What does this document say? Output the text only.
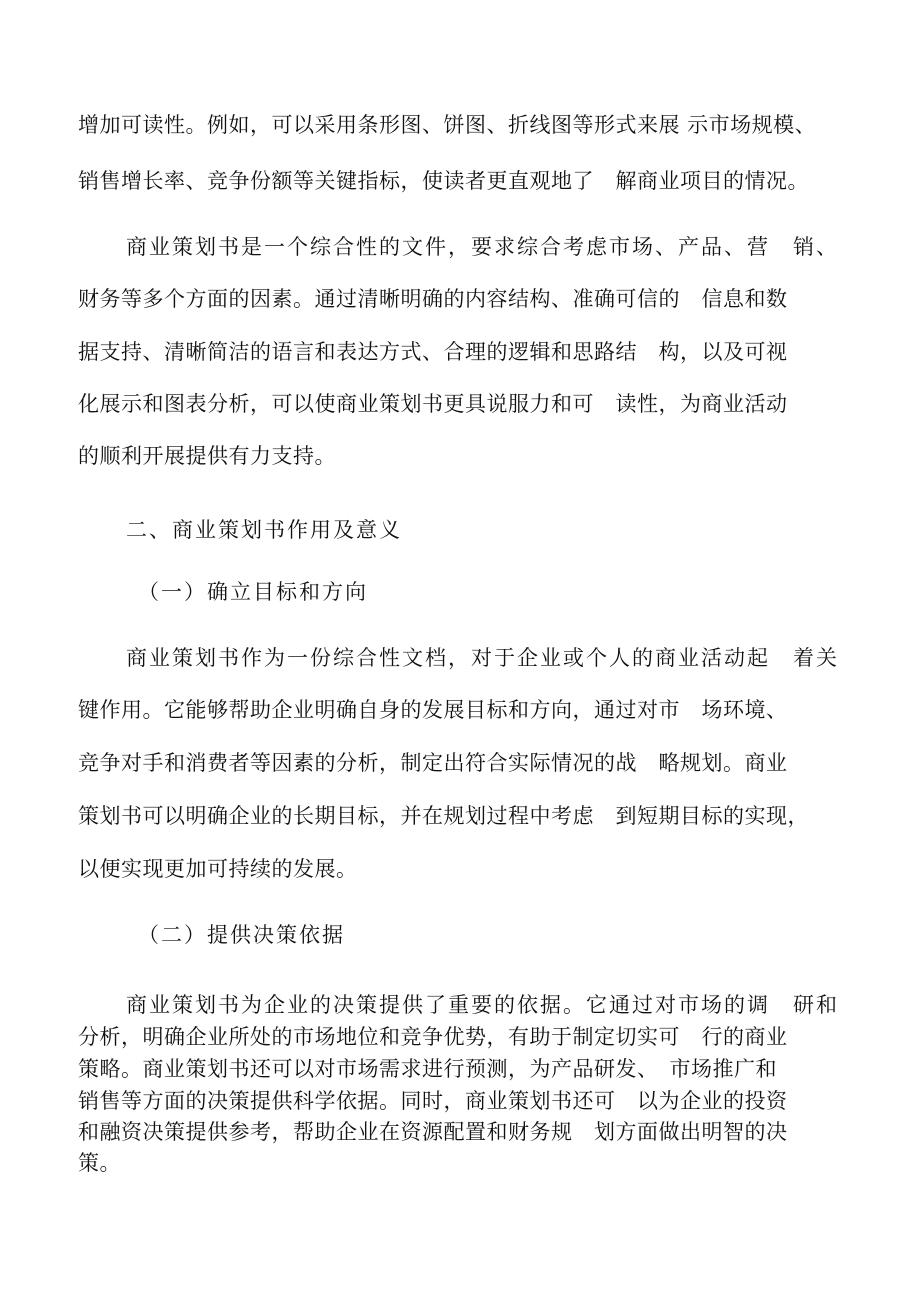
增加可读性。例如，可以采用条形图、饼图、折线图等形式来展 示市场规模、
销售增长率、竞争份额等关键指标，使读者更直观地了　解商业项目的情况。
商业策划书是一个综合性的文件，要求综合考虑市场、产品、营　销、
财务等多个方面的因素。通过清晰明确的内容结构、准确可信的　信息和数
据支持、清晰简洁的语言和表达方式、合理的逻辑和思路结　构，以及可视
化展示和图表分析，可以使商业策划书更具说服力和可　读性，为商业活动
的顺利开展提供有力支持。
二、商业策划书作用及意义
（一）确立目标和方向
商业策划书作为一份综合性文档，对于企业或个人的商业活动起　着关
键作用。它能够帮助企业明确自身的发展目标和方向，通过对市　场环境、
竞争对手和消费者等因素的分析，制定出符合实际情况的战　略规划。商业
策划书可以明确企业的长期目标，并在规划过程中考虑　到短期目标的实现，
以便实现更加可持续的发展。
（二）提供决策依据
商业策划书为企业的决策提供了重要的依据。它通过对市场的调　研和
分析，明确企业所处的市场地位和竞争优势，有助于制定切实可　行的商业
策略。商业策划书还可以对市场需求进行预测，为产品研发、　市场推广和
销售等方面的决策提供科学依据。同时，商业策划书还可　以为企业的投资
和融资决策提供参考，帮助企业在资源配置和财务规　划方面做出明智的决
策。
